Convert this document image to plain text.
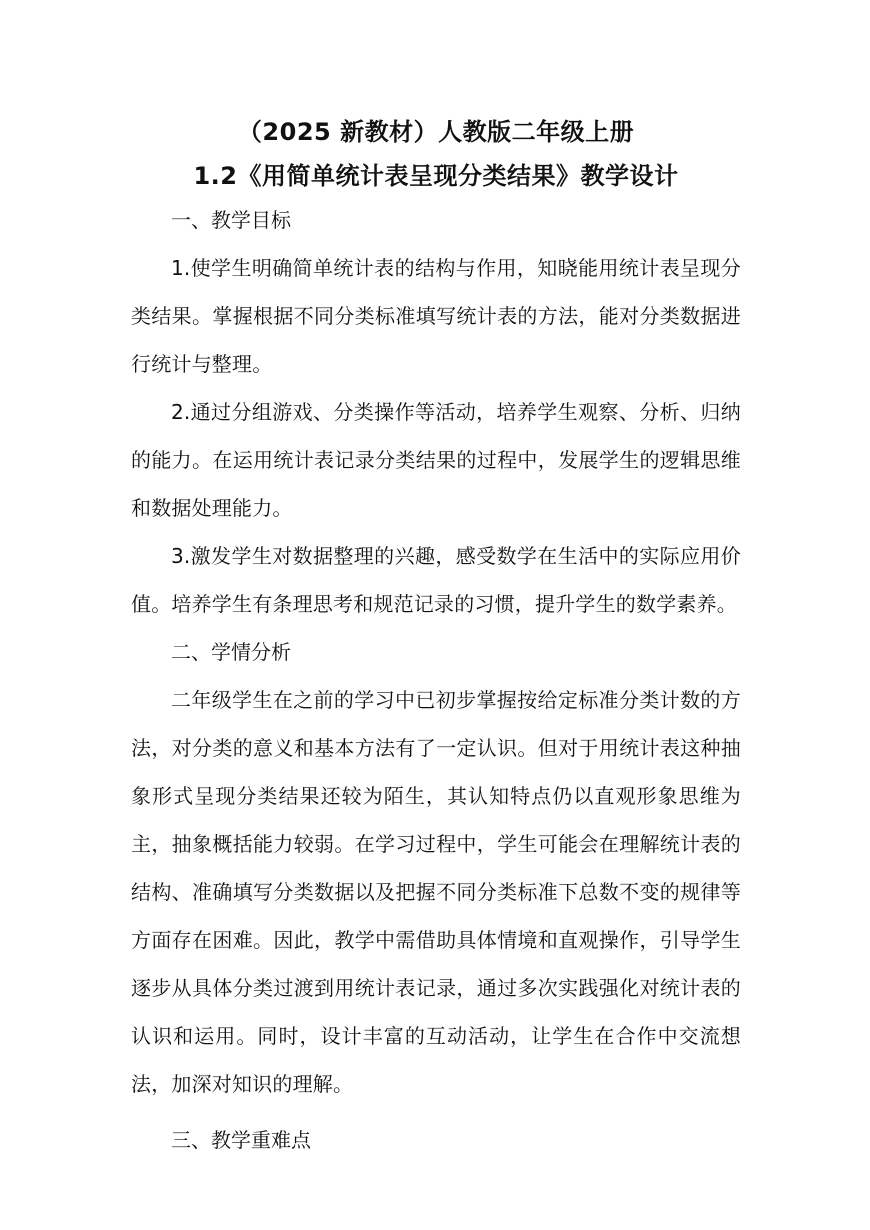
（2025 新教材）人教版二年级上册
1.2《用简单统计表呈现分类结果》教学设计

一、教学目标

1.使学生明确简单统计表的结构与作用，知晓能用统计表呈现分类结果。掌握根据不同分类标准填写统计表的方法，能对分类数据进行统计与整理。

2.通过分组游戏、分类操作等活动，培养学生观察、分析、归纳的能力。在运用统计表记录分类结果的过程中，发展学生的逻辑思维和数据处理能力。

3.激发学生对数据整理的兴趣，感受数学在生活中的实际应用价值。培养学生有条理思考和规范记录的习惯，提升学生的数学素养。

二、学情分析

二年级学生在之前的学习中已初步掌握按给定标准分类计数的方法，对分类的意义和基本方法有了一定认识。但对于用统计表这种抽象形式呈现分类结果还较为陌生，其认知特点仍以直观形象思维为主，抽象概括能力较弱。在学习过程中，学生可能会在理解统计表的结构、准确填写分类数据以及把握不同分类标准下总数不变的规律等方面存在困难。因此，教学中需借助具体情境和直观操作，引导学生逐步从具体分类过渡到用统计表记录，通过多次实践强化对统计表的认识和运用。同时，设计丰富的互动活动，让学生在合作中交流想法，加深对知识的理解。

三、教学重难点
